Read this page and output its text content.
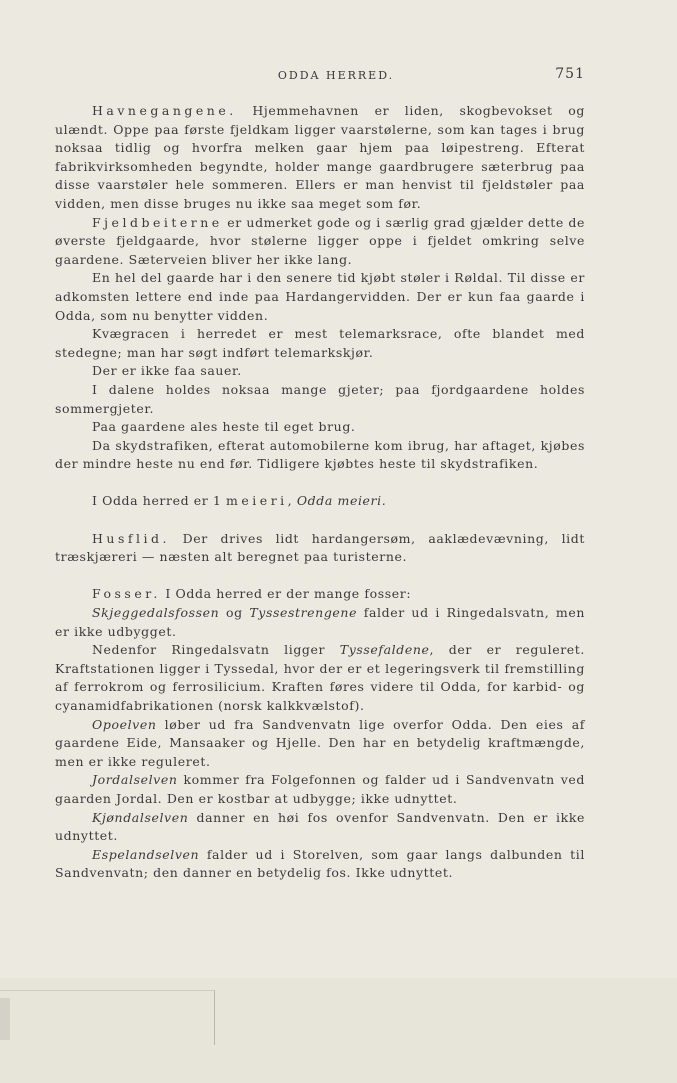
ODDA HERRED.	751

Havnegangene. Hjemmehavnen er liden, skogbevokset og ulændt. Oppe paa første fjeldkam ligger vaarstølerne, som kan tages i brug noksaa tidlig og hvorfra melken gaar hjem paa løipestreng. Efterat fabrikvirksomheden begyndte, holder mange gaardbrugere sæterbrug paa disse vaarstøler hele sommeren. Ellers er man henvist til fjeldstøler paa vidden, men disse bruges nu ikke saa meget som før.

Fjeldbeiterne er udmerket gode og i særlig grad gjælder dette de øverste fjeldgaarde, hvor stølerne ligger oppe i fjeldet omkring selve gaardene. Sæterveien bliver her ikke lang.

En hel del gaarde har i den senere tid kjøbt støler i Røldal. Til disse er adkomsten lettere end inde paa Hardangervidden. Der er kun faa gaarde i Odda, som nu benytter vidden.

Kvægracen i herredet er mest telemarksrace, ofte blandet med stedegne; man har søgt indført telemarkskjør.

Der er ikke faa sauer.

I dalene holdes noksaa mange gjeter; paa fjordgaardene holdes sommergjeter.

Paa gaardene ales heste til eget brug.

Da skydstrafiken, efterat automobilerne kom ibrug, har aftaget, kjøbes der mindre heste nu end før. Tidligere kjøbtes heste til skydstrafiken.

I Odda herred er 1 meieri, Odda meieri.

Husflid. Der drives lidt hardangersøm, aaklædevævning, lidt træskjæreri — næsten alt beregnet paa turisterne.

Fosser. I Odda herred er der mange fosser:

Skjeggedalsfossen og Tyssestrengene falder ud i Ringedalsvatn, men er ikke udbygget.

Nedenfor Ringedalsvatn ligger Tyssefaldene, der er reguleret. Kraftstationen ligger i Tyssedal, hvor der er et legeringsverk til fremstilling af ferrokrom og ferrosilicium. Kraften føres videre til Odda, for karbid- og cyanamidfabrikationen (norsk kalkkvælstof).

Opoelven løber ud fra Sandvenvatn lige overfor Odda. Den eies af gaardene Eide, Mansaaker og Hjelle. Den har en betydelig kraftmængde, men er ikke reguleret.

Jordalselven kommer fra Folgefonnen og falder ud i Sandvenvatn ved gaarden Jordal. Den er kostbar at udbygge; ikke udnyttet.

Kjøndalselven danner en høi fos ovenfor Sandvenvatn. Den er ikke udnyttet.

Espelandselven falder ud i Storelven, som gaar langs dalbunden til Sandvenvatn; den danner en betydelig fos. Ikke udnyttet.
